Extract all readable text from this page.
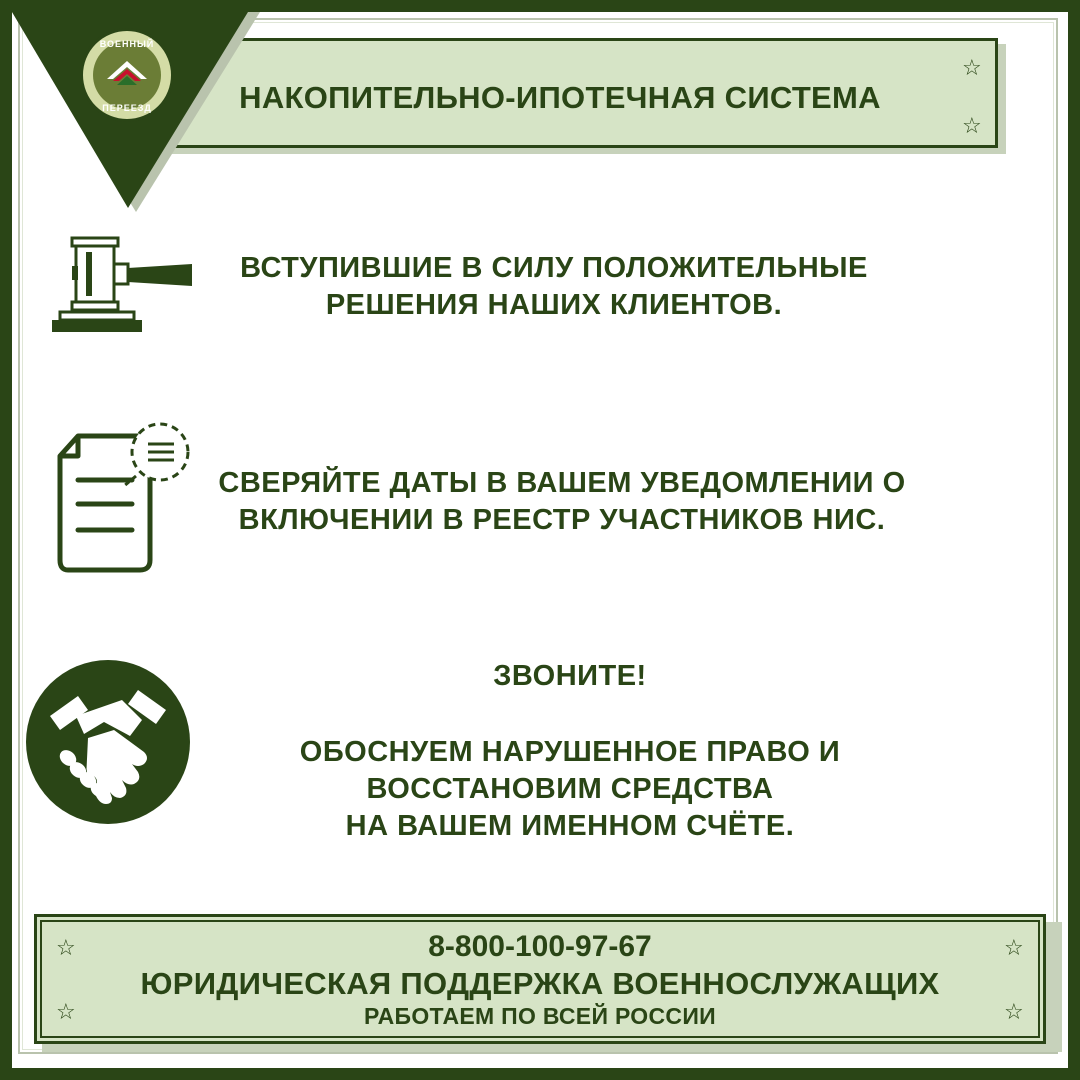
ВОЕННЫЙ
ПЕРЕЕЗД	НАКОПИТЕЛЬНО-ИПОТЕЧНАЯ СИСТЕМА
☆
☆
ВСТУПИВШИЕ В СИЛУ ПОЛОЖИТЕЛЬНЫЕ
РЕШЕНИЯ НАШИХ КЛИЕНТОВ.
СВЕРЯЙТЕ ДАТЫ В ВАШЕМ УВЕДОМЛЕНИИ О
ВКЛЮЧЕНИИ В РЕЕСТР УЧАСТНИКОВ НИС.
ЗВОНИТЕ!
ОБОСНУЕМ НАРУШЕННОЕ ПРАВО И
ВОССТАНОВИМ СРЕДСТВА
НА ВАШЕМ ИМЕННОМ СЧЁТЕ.
8-800-100-97-67
ЮРИДИЧЕСКАЯ ПОДДЕРЖКА ВОЕННОСЛУЖАЩИХ
РАБОТАЕМ ПО ВСЕЙ РОССИИ
☆
☆
☆
☆
